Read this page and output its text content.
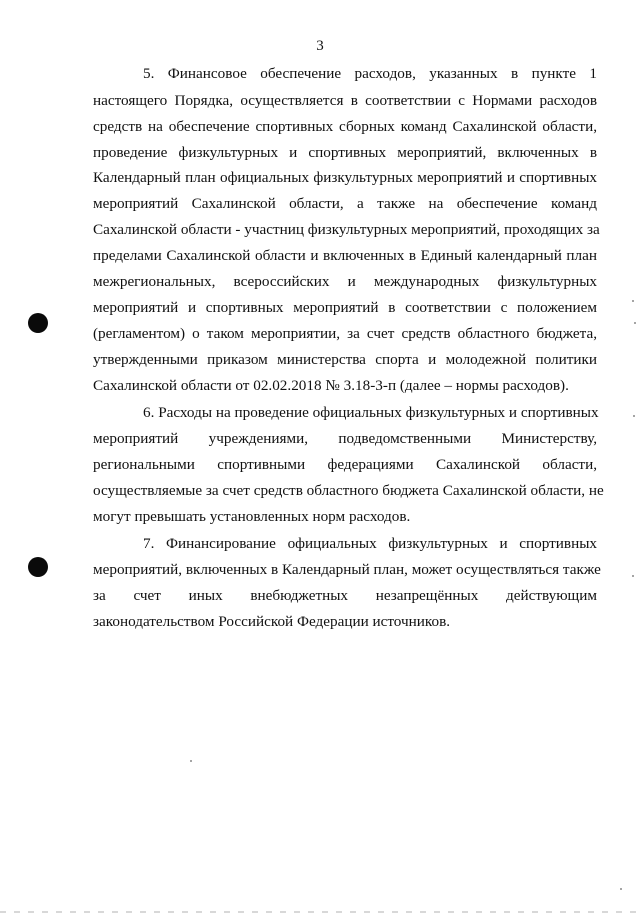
3
5. Финансовое обеспечение расходов, указанных в пункте 1
настоящего Порядка, осуществляется в соответствии с Нормами расходов
средств на обеспечение спортивных сборных команд Сахалинской области,
проведение физкультурных и спортивных мероприятий, включенных в
Календарный план официальных физкультурных мероприятий и спортивных
мероприятий Сахалинской области, а также на обеспечение команд
Сахалинской области - участниц физкультурных мероприятий, проходящих за
пределами Сахалинской области и включенных в Единый календарный план
межрегиональных, всероссийских и международных физкультурных
мероприятий и спортивных мероприятий в соответствии с положением
(регламентом) о таком мероприятии, за счет средств областного бюджета,
утвержденными приказом министерства спорта и молодежной политики
Сахалинской области от 02.02.2018 № 3.18-3-п (далее – нормы расходов).
6. Расходы на проведение официальных физкультурных и спортивных
мероприятий учреждениями, подведомственными Министерству,
региональными спортивными федерациями Сахалинской области,
осуществляемые за счет средств областного бюджета Сахалинской области, не
могут превышать установленных норм расходов.
7. Финансирование официальных физкультурных и спортивных
мероприятий, включенных в Календарный план, может осуществляться также
за счет иных внебюджетных незапрещённых действующим
законодательством Российской Федерации источников.
